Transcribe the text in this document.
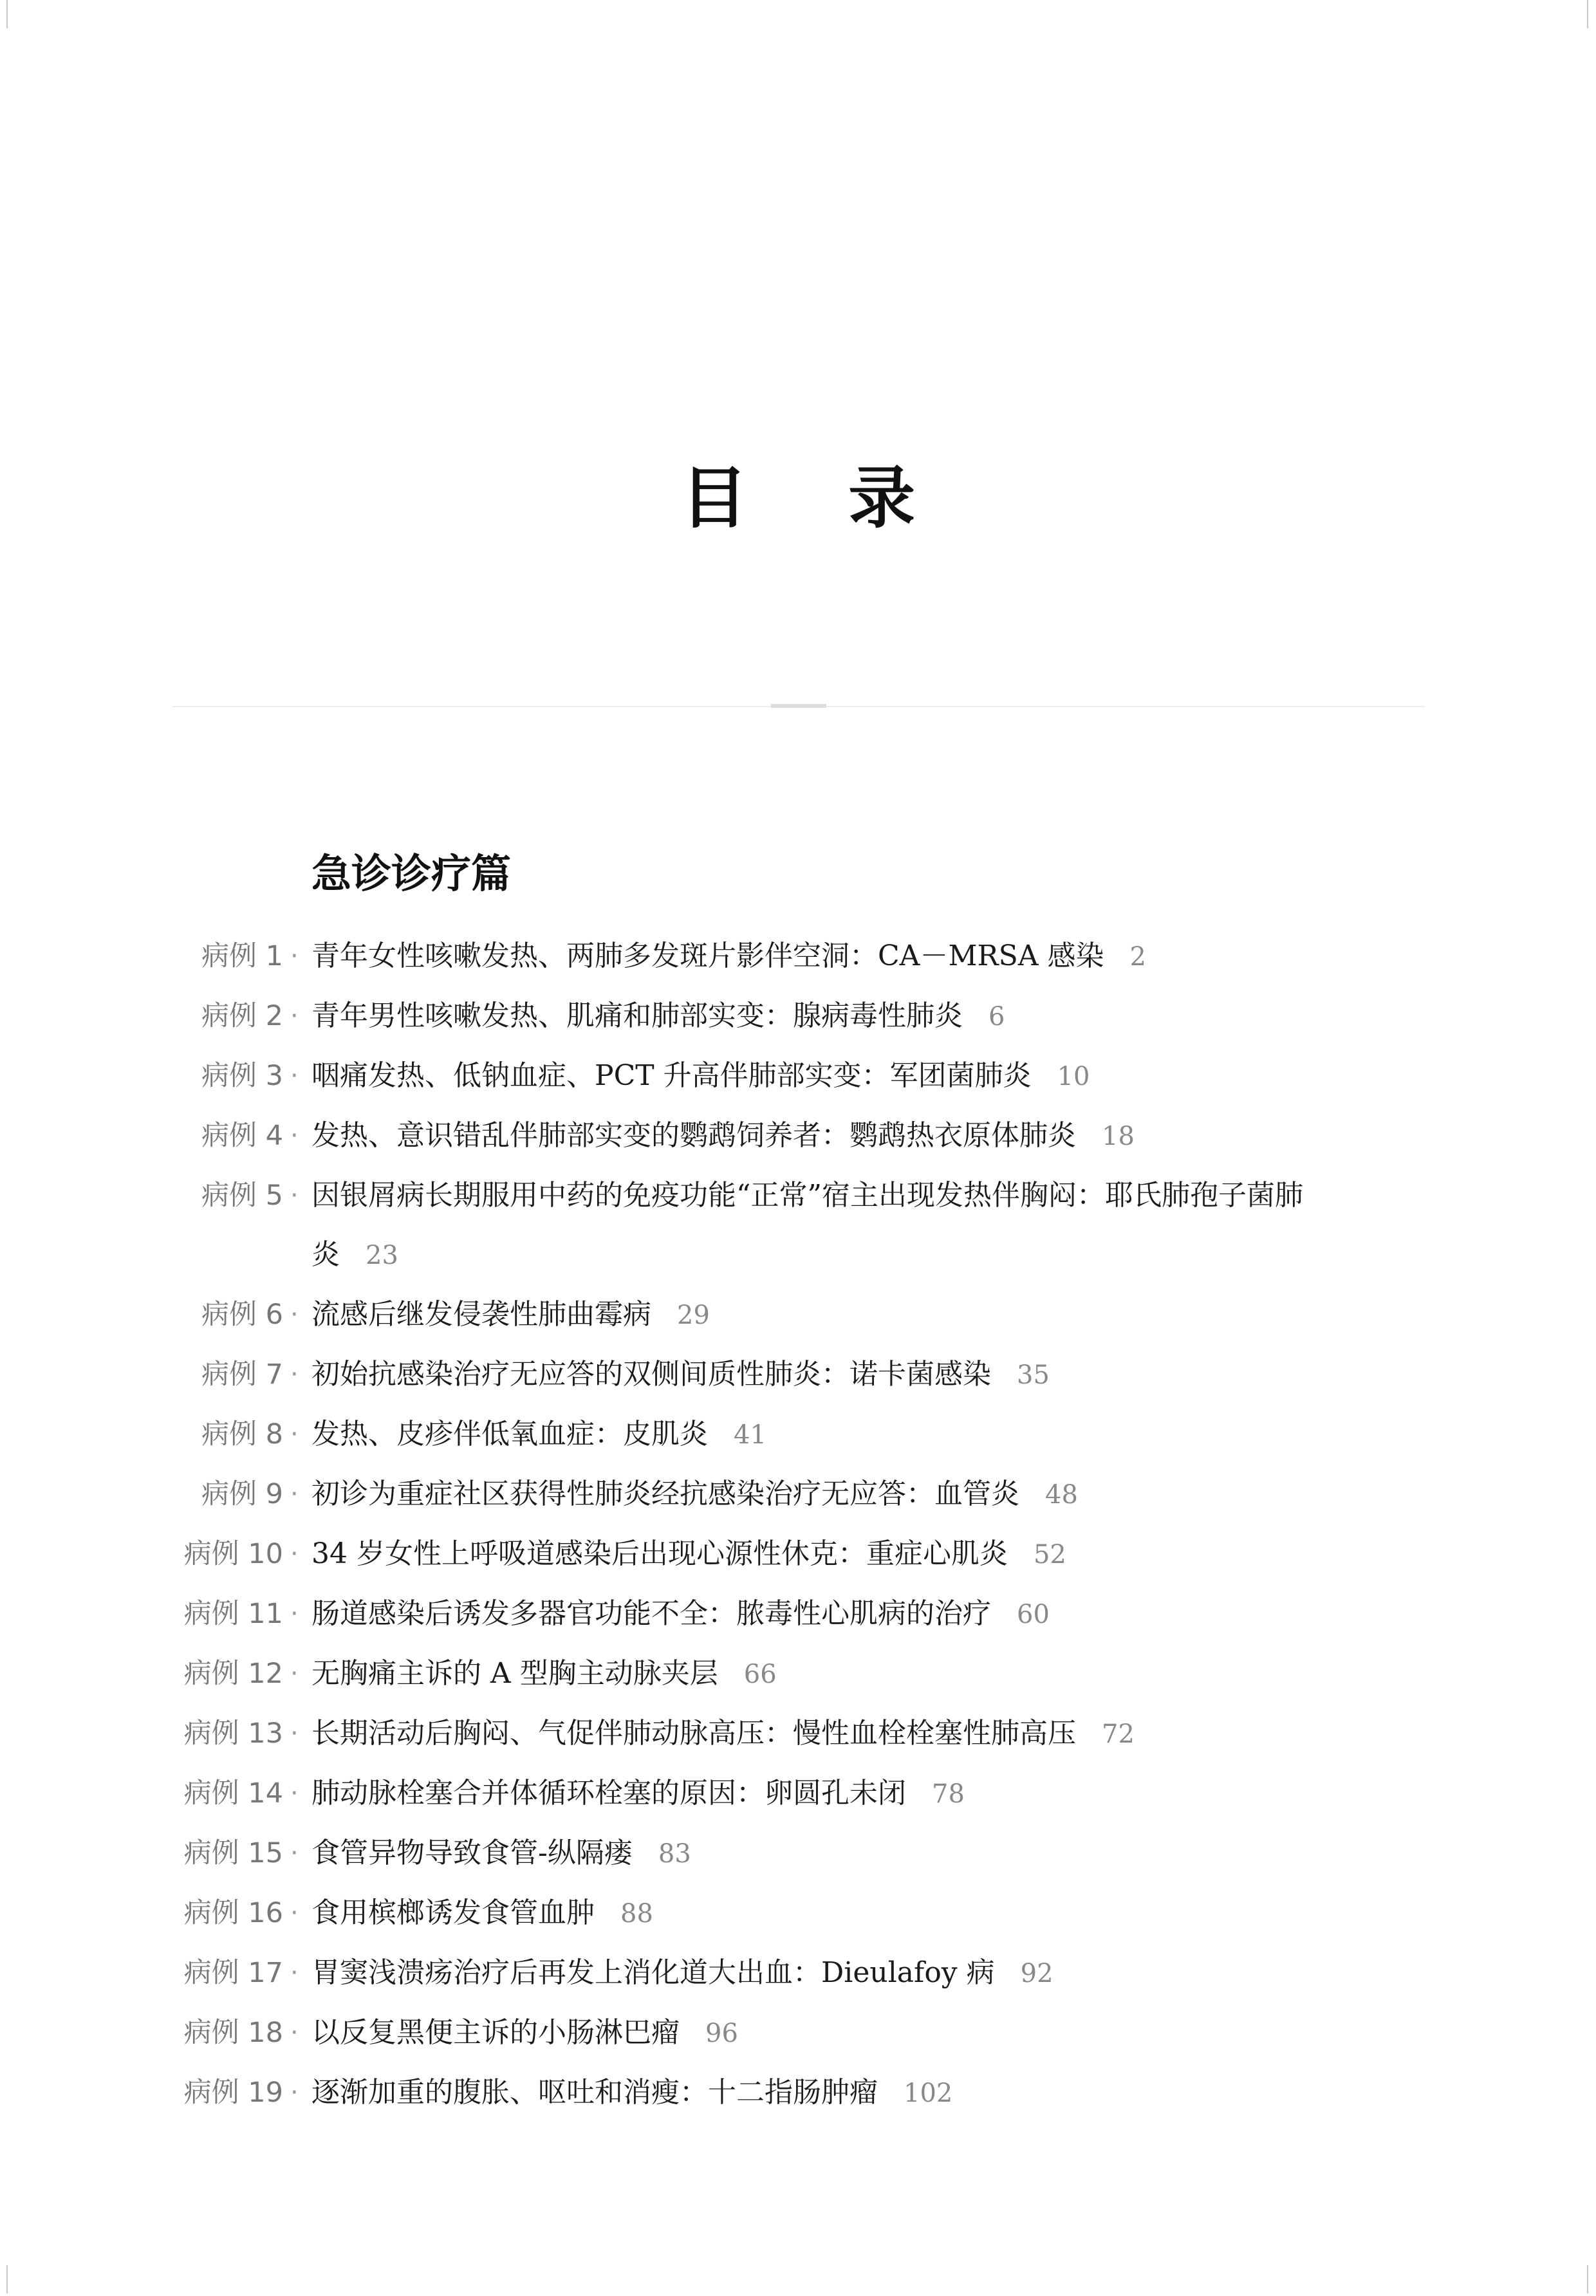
目 录
急诊诊疗篇
病例 1 · 青年女性咳嗽发热、两肺多发斑片影伴空洞：CA－MRSA 感染 2
病例 2 · 青年男性咳嗽发热、肌痛和肺部实变：腺病毒性肺炎 6
病例 3 · 咽痛发热、低钠血症、PCT 升高伴肺部实变：军团菌肺炎 10
病例 4 · 发热、意识错乱伴肺部实变的鹦鹉饲养者：鹦鹉热衣原体肺炎 18
病例 5 · 因银屑病长期服用中药的免疫功能“正常”宿主出现发热伴胸闷：耶氏肺孢子菌肺炎 23
病例 6 · 流感后继发侵袭性肺曲霉病 29
病例 7 · 初始抗感染治疗无应答的双侧间质性肺炎：诺卡菌感染 35
病例 8 · 发热、皮疹伴低氧血症：皮肌炎 41
病例 9 · 初诊为重症社区获得性肺炎经抗感染治疗无应答：血管炎 48
病例 10 · 34 岁女性上呼吸道感染后出现心源性休克：重症心肌炎 52
病例 11 · 肠道感染后诱发多器官功能不全：脓毒性心肌病的治疗 60
病例 12 · 无胸痛主诉的 A 型胸主动脉夹层 66
病例 13 · 长期活动后胸闷、气促伴肺动脉高压：慢性血栓栓塞性肺高压 72
病例 14 · 肺动脉栓塞合并体循环栓塞的原因：卵圆孔未闭 78
病例 15 · 食管异物导致食管-纵隔瘘 83
病例 16 · 食用槟榔诱发食管血肿 88
病例 17 · 胃窦浅溃疡治疗后再发上消化道大出血：Dieulafoy 病 92
病例 18 · 以反复黑便主诉的小肠淋巴瘤 96
病例 19 · 逐渐加重的腹胀、呕吐和消瘦：十二指肠肿瘤 102
